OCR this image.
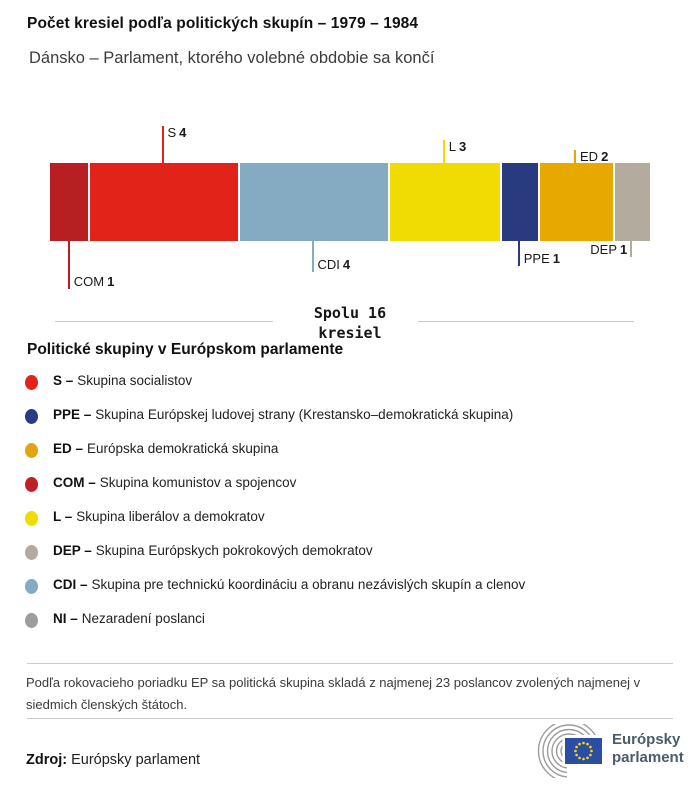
Počet kresiel podľa politických skupín – 1979 – 1984
Dánsko – Parlament, ktorého volebné obdobie sa končí
COM 1
S 4
CDI 4
L 3
PPE 1
ED 2
DEP 1
Spolu 16
kresiel
Politické skupiny v Európskom parlamente
S – Skupina socialistov
PPE – Skupina Európskej ludovej strany (Krestansko–demokratická skupina)
ED – Európska demokratická skupina
COM – Skupina komunistov a spojencov
L – Skupina liberálov a demokratov
DEP – Skupina Európskych pokrokových demokratov
CDI – Skupina pre technickú koordináciu a obranu nezávislých skupín a clenov
NI – Nezaradení poslanci
Podľa rokovacieho poriadku EP sa politická skupina skladá z najmenej 23 poslancov zvolených najmenej v siedmich členských štátoch.
Zdroj: Európsky parlament
Európsky
parlament
